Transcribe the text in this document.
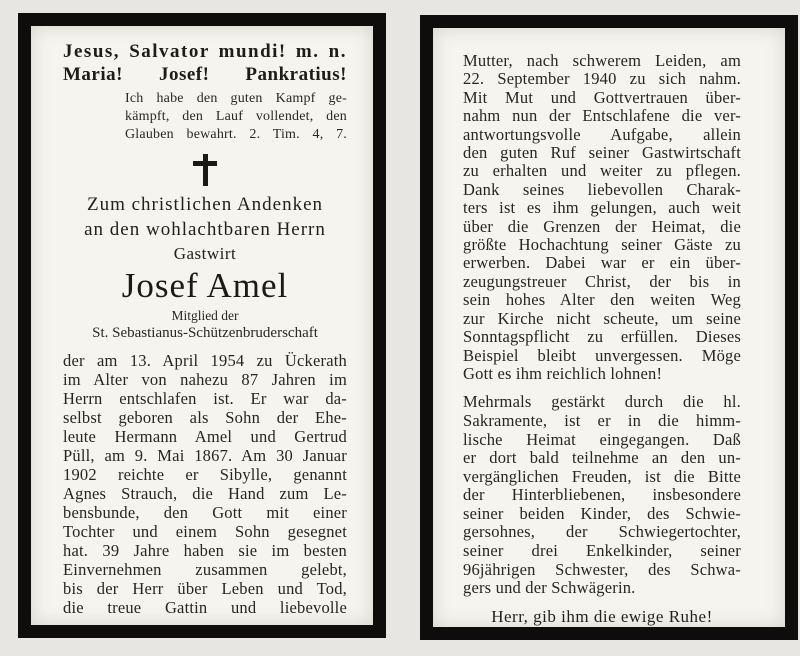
Jesus, Salvator mundi! m. n.
Maria! Josef! Pankratius!
Ich habe den guten Kampf ge-
kämpft, den Lauf vollendet, den
Glauben bewahrt. 2. Tim. 4, 7.
Zum christlichen Andenken
an den wohlachtbaren Herrn
Gastwirt
Josef Amel
Mitglied der
St. Sebastianus-Schützenbruderschaft
der am 13. April 1954 zu Ückerath
im Alter von nahezu 87 Jahren im
Herrn entschlafen ist. Er war da-
selbst geboren als Sohn der Ehe-
leute Hermann Amel und Gertrud
Püll, am 9. Mai 1867. Am 30 Januar
1902 reichte er Sibylle, genannt
Agnes Strauch, die Hand zum Le-
bensbunde, den Gott mit einer
Tochter und einem Sohn gesegnet
hat. 39 Jahre haben sie im besten
Einvernehmen zusammen gelebt,
bis der Herr über Leben und Tod,
die treue Gattin und liebevolle
Mutter, nach schwerem Leiden, am
22. September 1940 zu sich nahm.
Mit Mut und Gottvertrauen über-
nahm nun der Entschlafene die ver-
antwortungsvolle Aufgabe, allein
den guten Ruf seiner Gastwirtschaft
zu erhalten und weiter zu pflegen.
Dank seines liebevollen Charak-
ters ist es ihm gelungen, auch weit
über die Grenzen der Heimat, die
größte Hochachtung seiner Gäste zu
erwerben. Dabei war er ein über-
zeugungstreuer Christ, der bis in
sein hohes Alter den weiten Weg
zur Kirche nicht scheute, um seine
Sonntagspflicht zu erfüllen. Dieses
Beispiel bleibt unvergessen. Möge
Gott es ihm reichlich lohnen!
Mehrmals gestärkt durch die hl.
Sakramente, ist er in die himm-
lische Heimat eingegangen. Daß
er dort bald teilnehme an den un-
vergänglichen Freuden, ist die Bitte
der Hinterbliebenen, insbesondere
seiner beiden Kinder, des Schwie-
gersohnes, der Schwiegertochter,
seiner drei Enkelkinder, seiner
96jährigen Schwester, des Schwa-
gers und der Schwägerin.
Herr, gib ihm die ewige Ruhe!
